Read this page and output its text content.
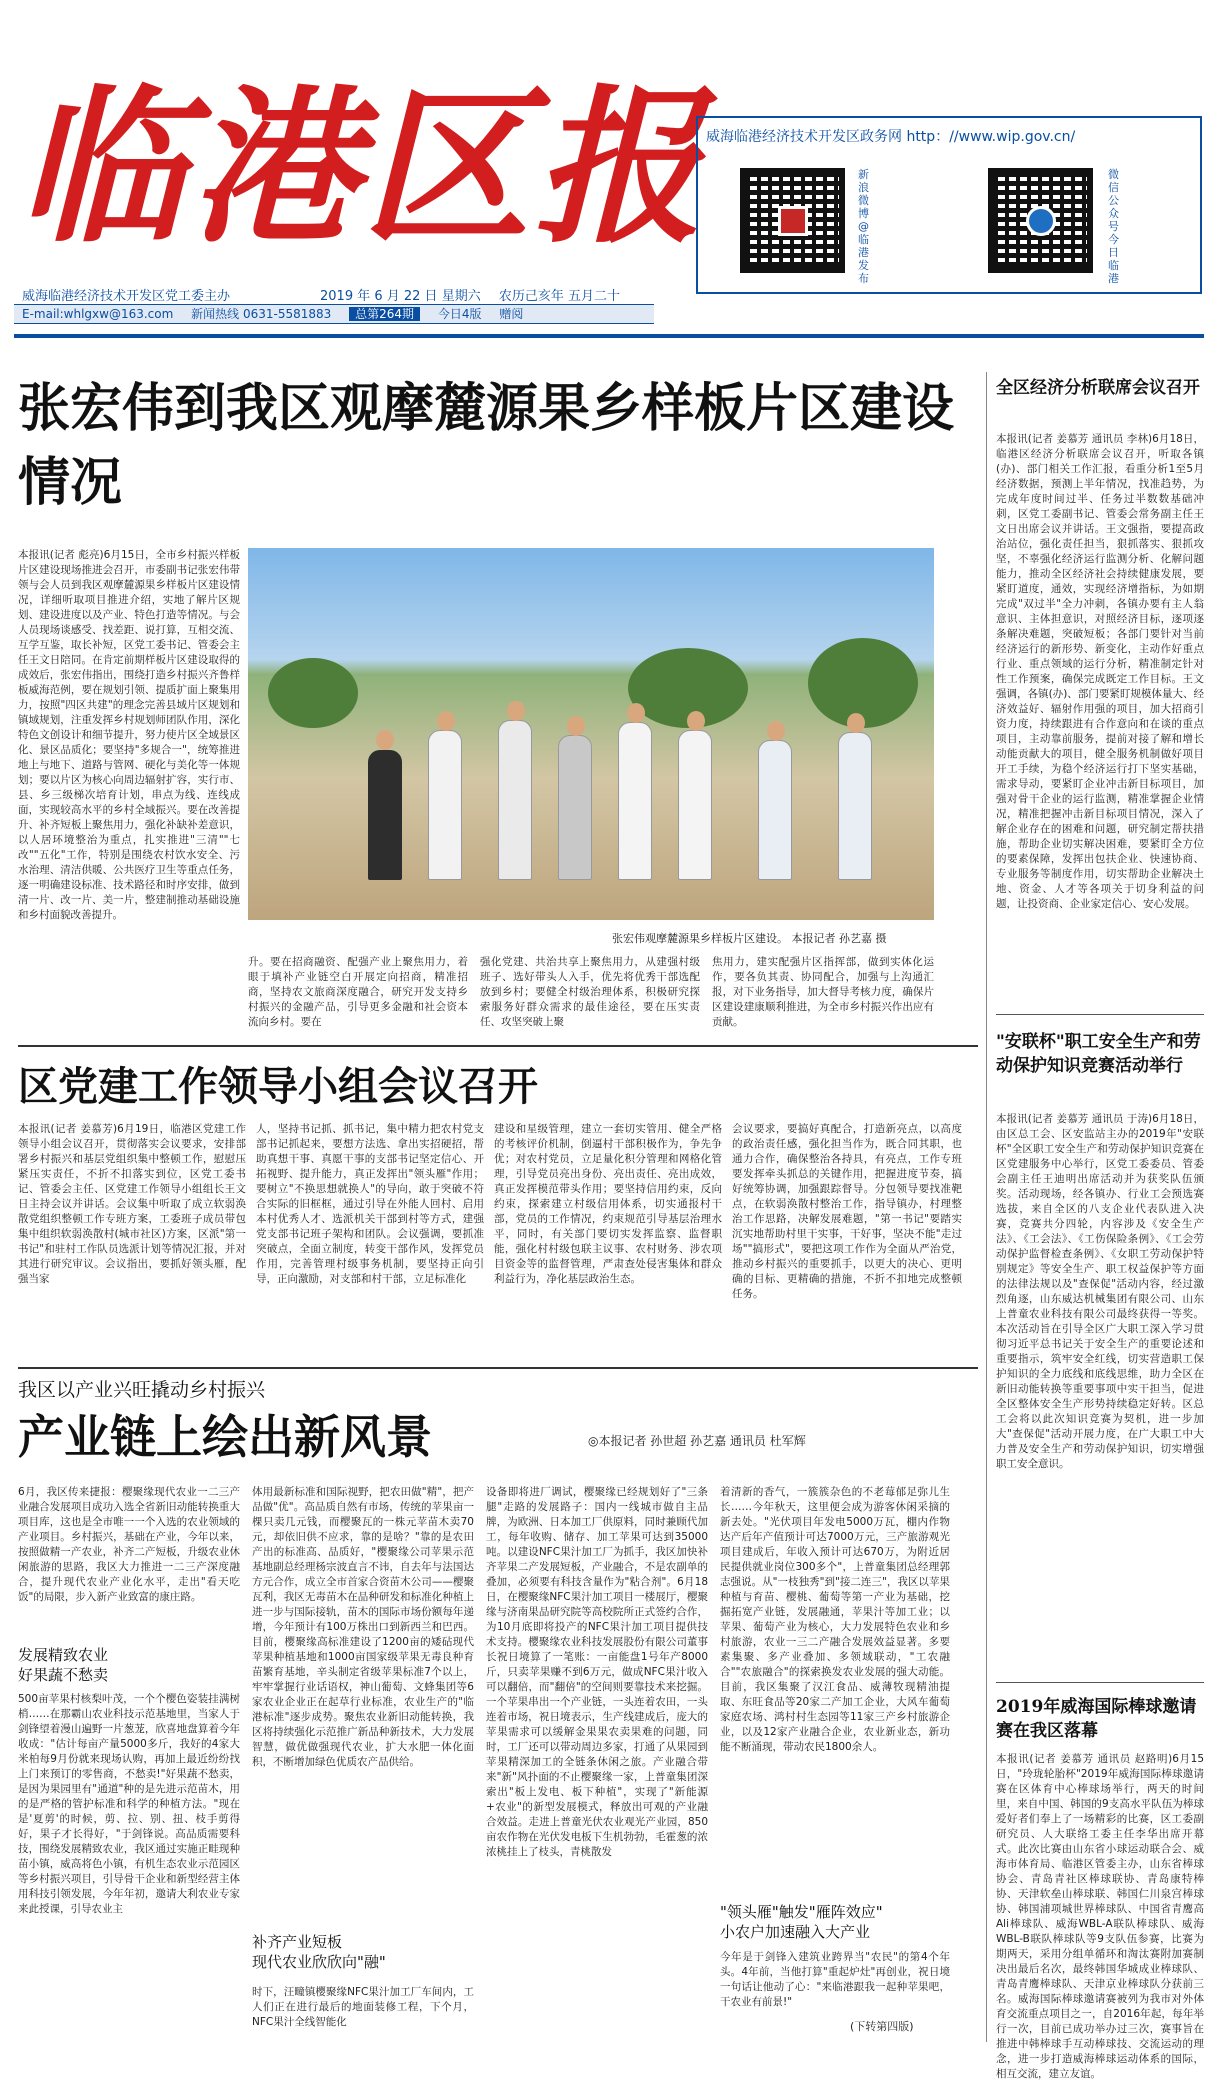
临港区报
威海临港经济技术开发区党工委主办	2019 年 6 月 22 日 星期六 农历己亥年 五月二十
E-mail:whlgxw@163.com 新闻热线 0631-5581883 总第264期 今日4版 赠阅
威海临港经济技术开发区政务网 http：//www.wip.gov.cn/
新浪微博@临港发布
微信公众号今日临港
张宏伟到我区观摩麓源果乡样板片区建设情况
本报讯(记者 彪亮)6月15日，全市乡村振兴样板片区建设现场推进会召开，市委副书记张宏伟带领与会人员到我区观摩麓源果乡样板片区建设情况，详细听取项目推进介绍，实地了解片区规划、建设进度以及产业、特色打造等情况。与会人员现场谈感受、找差距、说打算，互相交流、互学互鉴，取长补短，区党工委书记、管委会主任王文日陪同。在肯定前期样板片区建设取得的成效后，张宏伟指出，围绕打造乡村振兴齐鲁样板威海范例，要在规划引领、提质扩面上聚集用力，按照"四区共建"的理念完善县域片区规划和镇域规划，注重发挥乡村规划师团队作用，深化特色文创设计和细节提升，努力使片区全域景区化、景区品质化；要坚持"多规合一"，统筹推进地上与地下、道路与管网、硬化与美化等一体规划；要以片区为核心向周边辐射扩容，实行市、县、乡三级梯次培育计划，串点为线、连线成面，实现较高水平的乡村全域振兴。要在改善提升、补齐短板上聚焦用力，强化补缺补差意识，以人居环境整治为重点，扎实推进"三清""七改""五化"工作，特别是围绕农村饮水安全、污水治理、清洁供暖、公共医疗卫生等重点任务，逐一明确建设标准、技术路径和时序安排，做到清一片、改一片、美一片，整建制推动基础设施和乡村面貌改善提升。
张宏伟观摩麓源果乡样板片区建设。 本报记者 孙艺嘉 摄
升。要在招商融资、配强产业上聚焦用力，着眼于填补产业链空白开展定向招商，精准招商，坚持农文旅商深度融合，研究开发支持乡村振兴的金融产品，引导更多金融和社会资本流向乡村。要在
强化党建、共治共享上聚焦用力，从建强村级班子、选好带头人入手，优先将优秀干部选配放到乡村；要健全村级治理体系，积极研究探索服务好群众需求的最佳途径，要在压实责任、攻坚突破上聚
焦用力，建实配强片区指挥部，做到实体化运作，要各负其责、协同配合，加强与上沟通汇报，对下业务指导，加大督导考核力度，确保片区建设建康顺利推进，为全市乡村振兴作出应有贡献。
区党建工作领导小组会议召开
本报讯(记者 姜慕芳)6月19日，临港区党建工作领导小组会议召开，贯彻落实会议要求，安排部署乡村振兴和基层党组织集中整顿工作，慰慰压紧压实责任，不折不扣落实到位，区党工委书记、管委会主任、区党建工作领导小组组长王文日主持会议并讲话。会议集中听取了成立软弱涣散党组织整顿工作专班方案，工委班子成员带包集中组织软弱涣散村(城市社区)方案，区派"第一书记"和驻村工作队员选派计划等情况汇报，并对其进行研究审议。会议指出，要抓好领头雁，配强当家
人，坚持书记抓、抓书记，集中精力把农村党支部书记抓起来，要想方法选、拿出实招硬招，帮助真想干事、真愿干事的支部书记坚定信心、开拓视野、提升能力，真正发挥出"领头雁"作用；要树立"不换思想就换人"的导向，敢于突破不符合实际的旧框框，通过引导在外能人回村、启用本村优秀人才、选派机关干部到村等方式，建强党支部书记班子架构和团队。会议强调，要抓准突破点，全面立制度，转变干部作风，发挥党员作用，完善管理村级事务机制，要坚持正向引导，正向激励，对支部和村干部，立足标准化
建设和星级管理，建立一套切实管用、健全严格的考核评价机制，倒逼村干部积极作为，争先争优；对农村党员，立足量化积分管理和网格化管理，引导党员亮出身份、亮出责任、亮出成效，真正发挥模范带头作用；要坚持信用约束，反向约束，探索建立村级信用体系，切实通报村干部，党员的工作情况，约束规范引导基层治理水平，同时，有关部门要切实发挥监察、监督职能，强化村村级包联主议事、农村财务、涉农项目资金等的监督管理，严肃查处侵害集体和群众利益行为，净化基层政治生态。
会议要求，要搞好真配合，打造新亮点，以高度的政治责任感，强化担当作为，既合同其职，也通力合作，确保整治各持具，有亮点，工作专班要发挥牵头抓总的关键作用，把握进度节奏，搞好统筹协调，加强跟踪督导。分包领导要找准靶点，在软弱涣散村整治工作，指导镇办，村理整治工作思路，决解发展难题，"第一书记"要踏实沉实地帮助村里干实事，干好事，坚决不能"走过场""搞形式"，要把这项工作作为全面从严治党，推动乡村振兴的重要抓手，以更大的决心、更明确的目标、更精确的措施，不折不扣地完成整顿任务。
我区以产业兴旺撬动乡村振兴
产业链上绘出新风景	◎本报记者 孙世超 孙艺嘉 通讯员 杜军辉
6月，我区传来捷报：樱聚缘现代农业一二三产业融合发展项目成功入选全省新旧动能转换重大项目库，这也是全市唯一一个入选的农业领域的产业项目。乡村振兴，基础在产业，今年以来，按照做精一产农业，补齐二产短板，升级农业休闲旅游的思路，我区大力推进一二三产深度融合，提升现代农业产业化水平，走出"看天吃饭"的局限，步入新产业致富的康庄路。
发展精致农业
好果蔬不愁卖
500亩苹果村核梨叶茂，一个个樱色姿装挂满树梢……在那霸山农业科技示范基地里，当家人于剑锋望着漫山遍野一片葱茏，欣喜地盘算着今年收成："估计每亩产量5000多斤，我好的4家大米柏每9月份就来现场认购，再加上最近纷纷找上门来预订的零售商，不愁卖!"好果蔬不愁卖，是因为果园里有"通道"种的是先进示范苗木，用的是严格的管护标准和科学的种植方法。"现在是'夏剪'的时候，剪、拉、别、扭、枝手剪得好，果子才长得好，"于剑锋说。高品质需要科技，围绕发展精致农业，我区通过实施正畦现种苗小镇，威高将色小镇，有机生态农业示范园区等乡村振兴项目，引导骨干企业和新型经营主体用科技引领发展，今年年初，邀请大利农业专家来此授课，引导农业主
体用最新标准和国际视野，把农田做"精"，把产品做"优"。高品质自然有市场，传统的苹果亩一棵只卖几元钱，而樱聚瓦的一株元苹苗木卖70元，却依旧供不应求，靠的是啥？"靠的是农田产出的标准高、品质好，"樱聚缘公司苹果示范基地副总经理杨宗波直言不讳，自去年与法国达方元合作，成立全市首家合资苗木公司——樱聚瓦利，我区无毒苗木在品种研发和标准化种植上进一步与国际接轨，苗木的国际市场份额每年递增，今年预计有100万株出口到新西兰和巴西。目前，樱聚缘高标准建设了1200亩的矮砧现代苹果种植基地和1000亩国家级苹果无毒良种育苗繁育基地，辛头制定省级苹果标准7个以上，牢牢掌握行业话语权，神山葡萄、文蜂集团等6家农业企业正在起草行业标准，农业生产的"临港标准"逐步成势。聚焦农业新旧动能转换，我区将持续强化示范推广新品种新技术，大力发展智慧，做优做强现代农业，扩大水肥一体化面积，不断增加绿色优质农产品供给。
补齐产业短板
现代农业欣欣向"融"
时下，汪疃镇樱聚缘NFC果汁加工厂车间内，工人们正在进行最后的地面装修工程，下个月，NFC果汁全线智能化
设备即将进厂调试，樱聚缘已经规划好了"三条腿"走路的发展路子：国内一线城市做自主品牌，为欧洲、日本加工厂供原料，同时兼顾代加工，每年收购、储存、加工苹果可达到35000吨。以建设NFC果汁加工厂为抓手，我区加快补齐苹果二产发展短板，产业融合，不是农副单的叠加，必须要有科技含量作为"粘合剂"。6月18日，在樱聚缘NFC果汁加工项目一楼展厅，樱聚缘与济南果品研究院等高校院所正式签约合作，为10月底即将投产的NFC果汁加工项目提供技术支持。樱聚缘农业科技发展股份有限公司董事长祝日境算了一笔账：一亩能盘1号年产8000斤，只卖苹果赚不到6万元，做成NFC果汁收入可以翻倍，而"翻倍"的空间则要靠技术来挖掘。一个苹果串出一个产业链，一头连着农田，一头连着市场，祝日境表示，生产线建成后，庞大的苹果需求可以缓解金果果农卖果难的问题，同时，工厂还可以带动周边多家，打通了从果园到苹果精深加工的全链条休闲之旅。产业融合带来"新"风扑面的不止樱聚缘一家，上普童集团深索出"板上发电、板下种植"，实现了"新能源+农业"的新型发展模式，释放出可观的产业融合效益。走进上普童光伏农业观光产业园，850亩农作物在光伏发电板下生机勃勃，毛霍葱的浓浓桃挂上了枝头，青桃散发
着清新的香气，一簇簇杂色的不老莓郁足弥儿生长……今年秋天，这里便会成为游客休闲采摘的新去处。"光伏项目年发电5000万瓦，棚内作物达产后年产值预计可达7000万元，三产旅游观光项目建成后，年收入预计可达670万，为附近居民提供就业岗位300多个"，上普童集团总经理郭志强说。从"一枝独秀"到"接二连三"，我区以苹果种植与育苗、樱桃、葡萄等第一产业为基础，挖掘拓宽产业链，发展融通，苹果汁等加工业；以苹果、葡萄产业为核心，大力发展特色农业和乡村旅游，农业一三二产融合发展效益显著。多要素集聚、多产业叠加、多领域联动，"工农融合""农旅融合"的探索换发农业发展的强大动能。目前，我区集聚了汉江食品、威薄牧现精油提取、东旺食品等20家二产加工企业，大风车葡萄家庭农场、鸿村村生态园等11家三产乡村旅游企业，以及12家产业融合企业，农业新业态，新功能不断涌现，带动农民1800余人。
"领头雁"触发"雁阵效应"
小农户加速融入大产业
今年是于剑锋入建筑业跨界当"农民"的第4个年头。4年前，当他打算"重起炉灶"再创业，祝日境一句话让他动了心："来临港跟我一起种苹果吧，干农业有前景!"
(下转第四版)
全区经济分析联席会议召开
本报讯(记者 姜慕芳 通讯员 李林)6月18日，临港区经济分析联席会议召开，听取各镇(办)、部门相关工作汇报，看重分析1至5月经济数据，预测上半年情况，找准趋势，为完成年度时间过半、任务过半数数基础冲刺，区党工委副书记、管委会常务副主任王文日出席会议并讲话。王文强指，要提高政治站位，强化责任担当，狠抓落实、狠抓攻坚，不辜强化经济运行监测分析、化解问题能力，推动全区经济社会持续健康发展，要紧盯道度，通效，实现经济增指标，为如期完成"双过半"全力冲刺，各镇办要有主人翁意识、主体担意识，对照经济目标，逐项逐条解决难题，突破短板；各部门要针对当前经济运行的新形势、新变化，主动作好重点行业、重点领域的运行分析，精准制定针对性工作预案，确保完成既定工作目标。王文强调，各镇(办)、部门要紧盯规模体量大、经济效益好、辐射作用强的项目，加大招商引资力度，持续跟进有合作意向和在谈的重点项目，主动靠前服务，提前对接了解和增长动能贡献大的项目，健全服务机制做好项目开工手续，为稳个经济运行打下坚实基础，需求导动，要紧盯企业冲击新目标项目，加强对骨干企业的运行监测，精准掌握企业情况，精准把握冲击新目标项目情况，深入了解企业存在的困难和问题，研究制定帮扶措施，帮助企业切实解决困难，要紧盯全方位的要素保障，发挥出包扶企业、快速协商、专业服务等制度作用，切实帮助企业解决土地、资金、人才等各项关于切身利益的问题，让投资商、企业家定信心、安心发展。
"安联杯"职工安全生产和劳动保护知识竞赛活动举行
本报讯(记者 姜慕芳 通讯员 于涛)6月18日，由区总工会、区安监站主办的2019年"安联杯"全区职工安全生产和劳动保护知识竞赛在区党建服务中心举行，区党工委委员、管委会副主任王迪明出席活动并为获奖队伍颁奖。活动现场，经各镇办、行业工会预选赛选拔，来自全区的八支企业代表队进入决赛，竞赛共分四轮，内容涉及《安全生产法》、《工会法》、《工伤保险条例》、《工会劳动保护监督检查条例》、《女职工劳动保护特别规定》等安全生产、职工权益保护等方面的法律法规以及"查保促"活动内容，经过激烈角逐，山东威达机械集团有限公司、山东上普童农业科技有限公司最终获得一等奖。本次活动旨在引导全区广大职工深入学习贯彻习近平总书记关于安全生产的重要论述和重要指示，筑牢安全红线，切实营造职工保护知识的全力底线和底线思维，助力全区在新旧动能转换等重要事项中实干担当，促进全区整体安全生产形势持续稳定好转。区总工会将以此次知识竞赛为契机，进一步加大"查保促"活动开展力度，在广大职工中大力普及安全生产和劳动保护知识，切实增强职工安全意识。
2019年威海国际棒球邀请赛在我区落幕
本报讯(记者 姜慕芳 通讯员 赵路明)6月15日，"玲珑轮胎杯"2019年威海国际棒球邀请赛在区体育中心棒球场举行，两天的时间里，来自中国、韩国的9支高水平队伍为棒球爱好者们奉上了一场精彩的比赛，区工委副研究员、人大联络工委主任李华出席开幕式。此次比赛由山东省小球运动联合会、威海市体育局、临港区管委主办，山东省棒球协会、青岛青社区棒球联协、青岛康特棒协、天津软垒山棒球联、韩国仁川泉宫棒球协、韩国浦项城世界棒球队、中国省青鹰高Ali棒球队、威海WBL-A联队棒球队、威海WBL-B联队棒球队等9支队伍参赛，比赛为期两天，采用分组单循环和淘汰赛附加赛制决出最后名次，最终韩国华城成业棒球队、青岛青鹰棒球队、天津京业棒球队分获前三名。威海国际棒球邀请赛被列为我市对外体育交流重点项目之一，自2016年起，每年举行一次，目前已成功举办过三次，赛事旨在推进中韩棒球手互动棒球技、交流运动的理念，进一步打造威海棒球运动体系的国际，相互交流，建立友谊。
